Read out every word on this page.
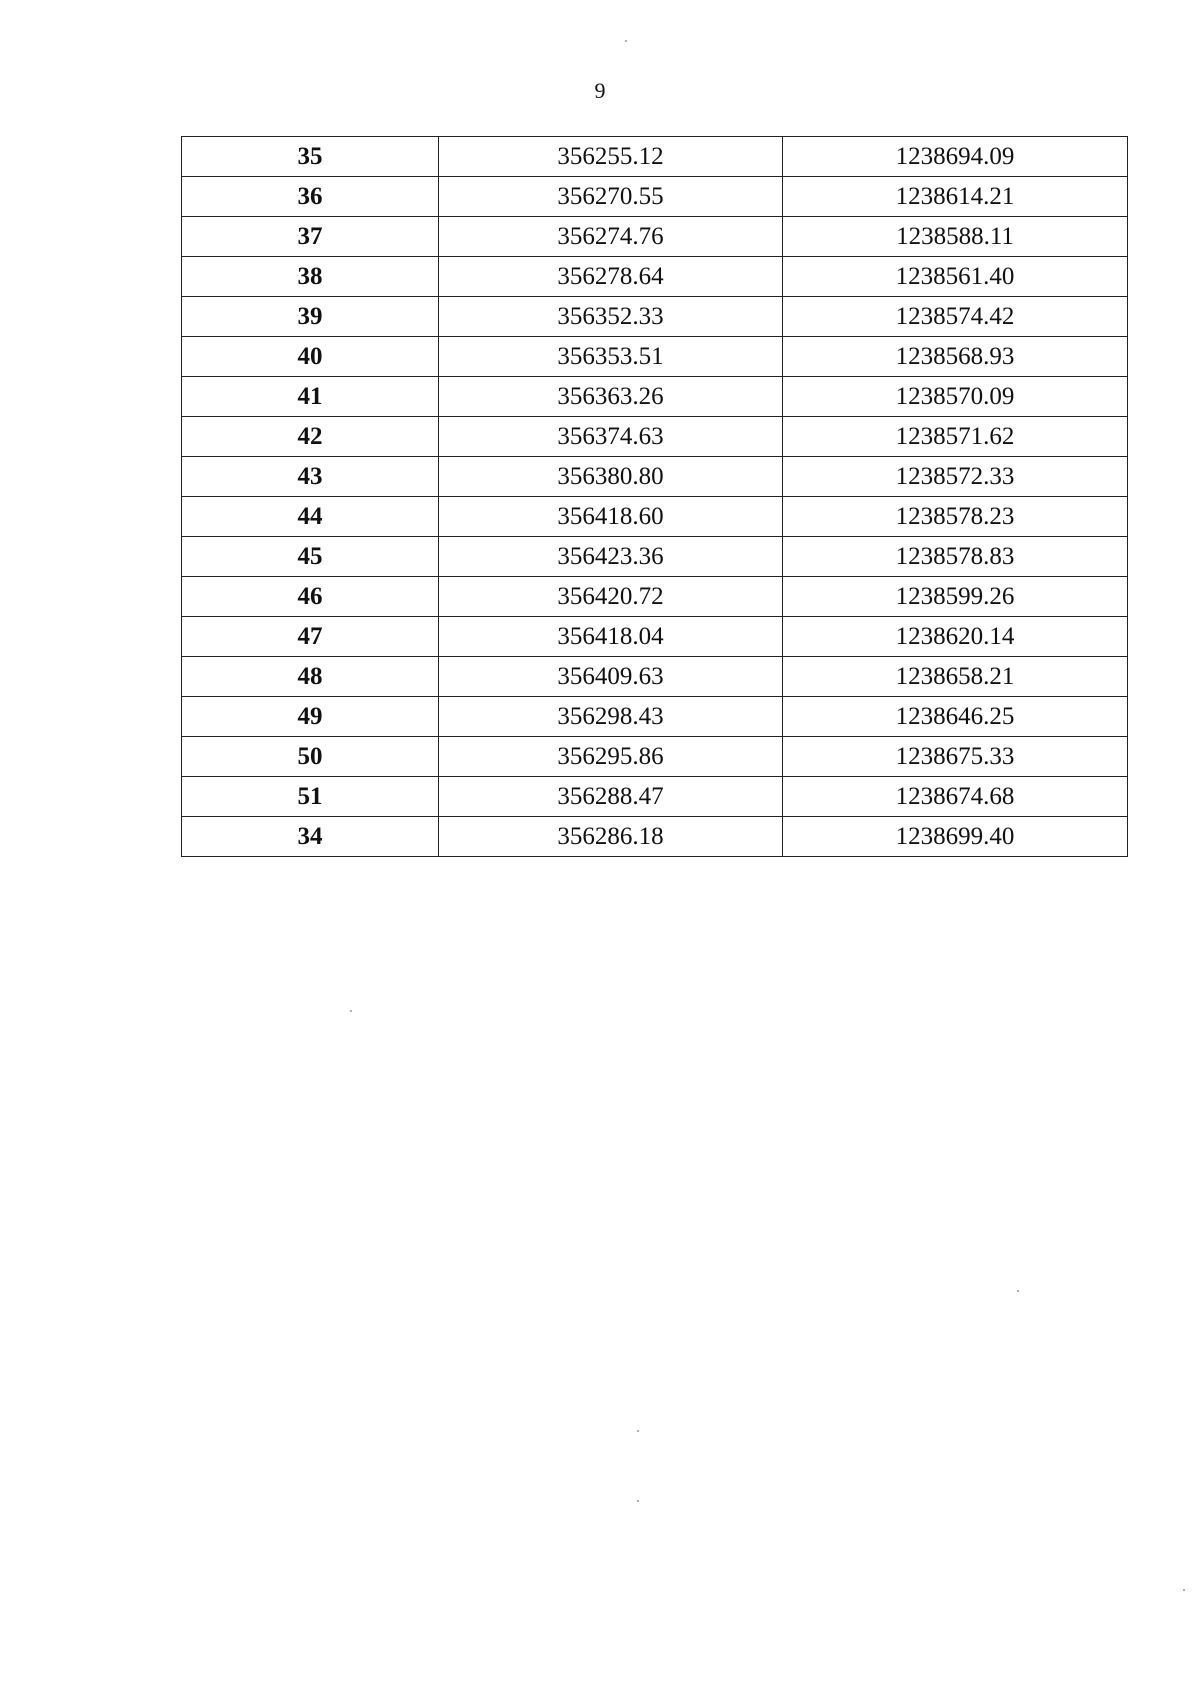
9
35	356255.12	1238694.09
36	356270.55	1238614.21
37	356274.76	1238588.11
38	356278.64	1238561.40
39	356352.33	1238574.42
40	356353.51	1238568.93
41	356363.26	1238570.09
42	356374.63	1238571.62
43	356380.80	1238572.33
44	356418.60	1238578.23
45	356423.36	1238578.83
46	356420.72	1238599.26
47	356418.04	1238620.14
48	356409.63	1238658.21
49	356298.43	1238646.25
50	356295.86	1238675.33
51	356288.47	1238674.68
34	356286.18	1238699.40
